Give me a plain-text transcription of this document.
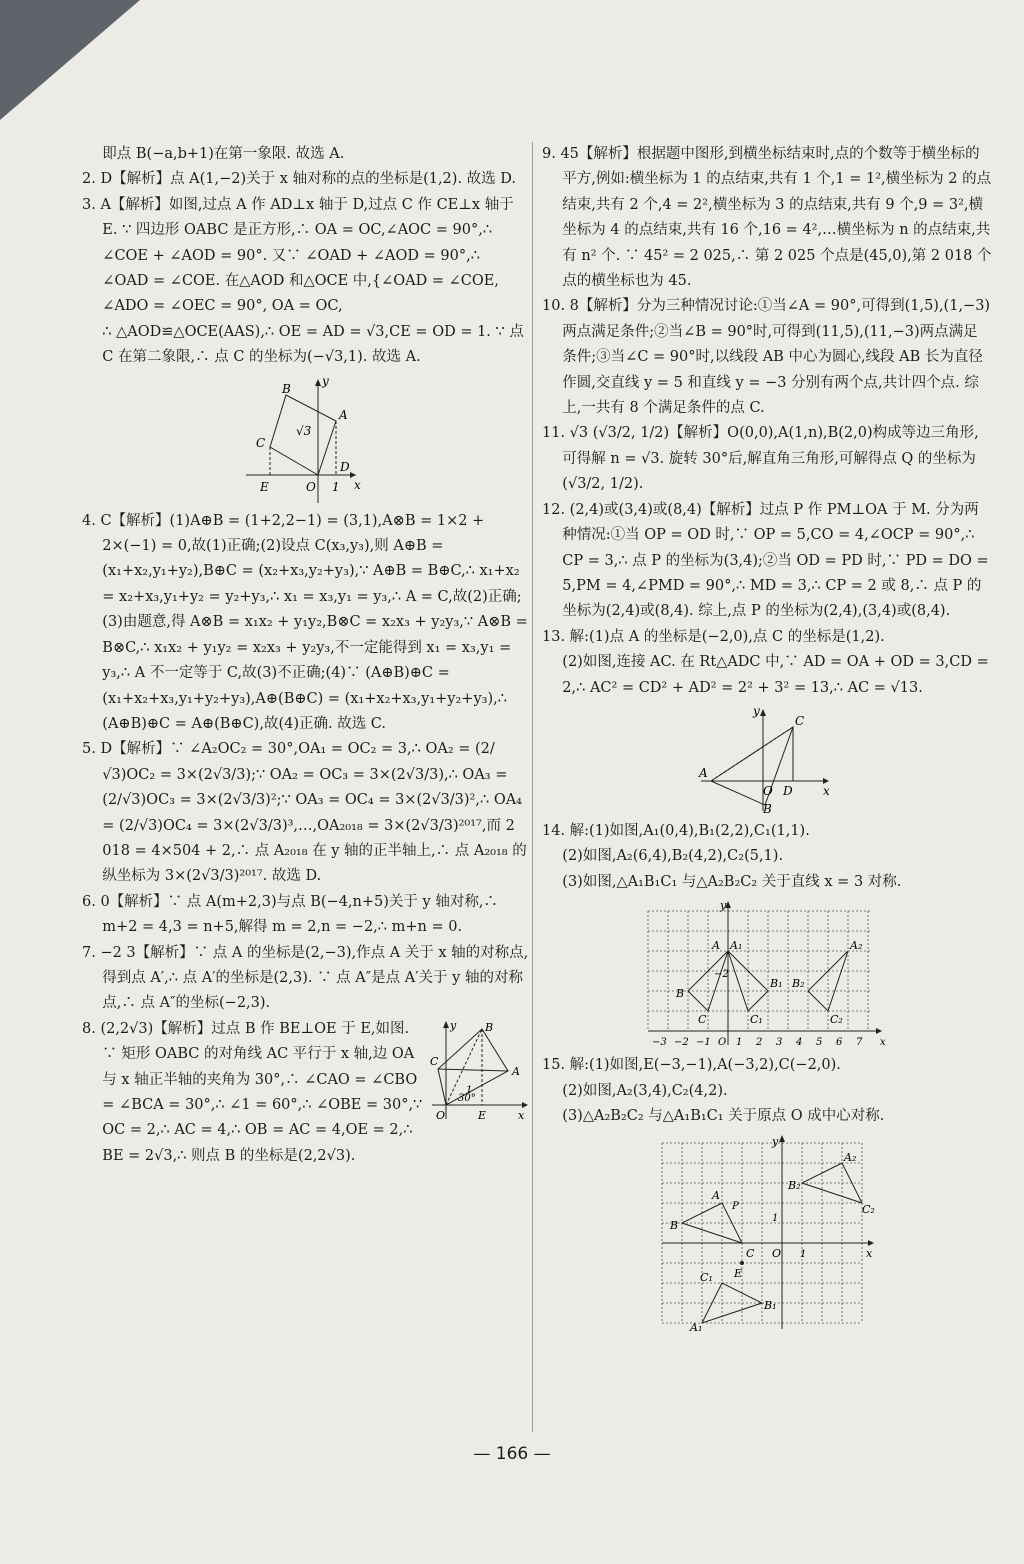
即点 B(−a,b+1)在第一象限. 故选 A.

2. D【解析】点 A(1,−2)关于 x 轴对称的点的坐标是(1,2). 故选 D.

3. A【解析】如图,过点 A 作 AD⊥x 轴于 D,过点 C 作 CE⊥x 轴于 E. ∵ 四边形 OABC 是正方形,∴ OA = OC,∠AOC = 90°,∴ ∠COE + ∠AOD = 90°. 又∵ ∠OAD + ∠AOD = 90°,∴ ∠OAD = ∠COE. 在△AOD 和△OCE 中,{∠OAD = ∠COE, ∠ADO = ∠OEC = 90°, OA = OC,

∴ △AOD≌△OCE(AAS),∴ OE = AD = √3,CE = OD = 1. ∵ 点 C 在第二象限,∴ 点 C 的坐标为(−√3,1). 故选 A.

B
y
√3
A
C
E	O 1
D
x

4. C【解析】(1)A⊕B = (1+2,2−1) = (3,1),A⊗B = 1×2 + 2×(−1) = 0,故(1)正确;(2)设点 C(x₃,y₃),则 A⊕B = (x₁+x₂,y₁+y₂),B⊕C = (x₂+x₃,y₂+y₃),∵ A⊕B = B⊕C,∴ x₁+x₂ = x₂+x₃,y₁+y₂ = y₂+y₃,∴ x₁ = x₃,y₁ = y₃,∴ A = C,故(2)正确;(3)由题意,得 A⊗B = x₁x₂ + y₁y₂,B⊗C = x₂x₃ + y₂y₃,∵ A⊗B = B⊗C,∴ x₁x₂ + y₁y₂ = x₂x₃ + y₂y₃,不一定能得到 x₁ = x₃,y₁ = y₃,∴ A 不一定等于 C,故(3)不正确;(4)∵ (A⊕B)⊕C = (x₁+x₂+x₃,y₁+y₂+y₃),A⊕(B⊕C) = (x₁+x₂+x₃,y₁+y₂+y₃),∴ (A⊕B)⊕C = A⊕(B⊕C),故(4)正确. 故选 C.

5. D【解析】∵ ∠A₂OC₂ = 30°,OA₁ = OC₂ = 3,∴ OA₂ = (2/√3)OC₂ = 3×(2√3/3);∵ OA₂ = OC₃ = 3×(2√3/3),∴ OA₃ = (2/√3)OC₃ = 3×(2√3/3)²;∵ OA₃ = OC₄ = 3×(2√3/3)²,∴ OA₄ = (2/√3)OC₄ = 3×(2√3/3)³,…,OA₂₀₁₈ = 3×(2√3/3)²⁰¹⁷,而 2 018 = 4×504 + 2,∴ 点 A₂₀₁₈ 在 y 轴的正半轴上,∴ 点 A₂₀₁₈ 的纵坐标为 3×(2√3/3)²⁰¹⁷. 故选 D.

6. 0【解析】∵ 点 A(m+2,3)与点 B(−4,n+5)关于 y 轴对称,∴ m+2 = 4,3 = n+5,解得 m = 2,n = −2,∴ m+n = 0.

7. −2 3【解析】∵ 点 A 的坐标是(2,−3),作点 A 关于 x 轴的对称点,得到点 A′,∴ 点 A′的坐标是(2,3). ∵ 点 A″是点 A′关于 y 轴的对称点,∴ 点 A″的坐标(−2,3).

y	B
C
A
O
30°
E	x
1

8. (2,2√3)【解析】过点 B 作 BE⊥OE 于 E,如图. ∵ 矩形 OABC 的对角线 AC 平行于 x 轴,边 OA 与 x 轴正半轴的夹角为 30°,∴ ∠CAO = ∠CBO = ∠BCA = 30°,∴ ∠1 = 60°,∴ ∠OBE = 30°,∵ OC = 2,∴ AC = 4,∴ OB = AC = 4,OE = 2,∴ BE = 2√3,∴ 则点 B 的坐标是(2,2√3).

9. 45【解析】根据题中图形,到横坐标结束时,点的个数等于横坐标的平方,例如:横坐标为 1 的点结束,共有 1 个,1 = 1²,横坐标为 2 的点结束,共有 2 个,4 = 2²,横坐标为 3 的点结束,共有 9 个,9 = 3²,横坐标为 4 的点结束,共有 16 个,16 = 4²,…横坐标为 n 的点结束,共有 n² 个. ∵ 45² = 2 025,∴ 第 2 025 个点是(45,0),第 2 018 个点的横坐标也为 45.

10. 8【解析】分为三种情况讨论:①当∠A = 90°,可得到(1,5),(1,−3)两点满足条件;②当∠B = 90°时,可得到(11,5),(11,−3)两点满足条件;③当∠C = 90°时,以线段 AB 中心为圆心,线段 AB 长为直径作圆,交直线 y = 5 和直线 y = −3 分别有两个点,共计四个点. 综上,一共有 8 个满足条件的点 C.

11. √3 (√3/2, 1/2)【解析】O(0,0),A(1,n),B(2,0)构成等边三角形,可得解 n = √3. 旋转 30°后,解直角三角形,可解得点 Q 的坐标为(√3/2, 1/2).

12. (2,4)或(3,4)或(8,4)【解析】过点 P 作 PM⊥OA 于 M. 分为两种情况:①当 OP = OD 时,∵ OP = 5,CO = 4,∠OCP = 90°,∴ CP = 3,∴ 点 P 的坐标为(3,4);②当 OD = PD 时,∵ PD = DO = 5,PM = 4,∠PMD = 90°,∴ MD = 3,∴ CP = 2 或 8,∴ 点 P 的坐标为(2,4)或(8,4). 综上,点 P 的坐标为(2,4),(3,4)或(8,4).

13. 解:(1)点 A 的坐标是(−2,0),点 C 的坐标是(1,2).

(2)如图,连接 AC. 在 Rt△ADC 中,∵ AD = OA + OD = 3,CD = 2,∴ AC² = CD² + AD² = 2² + 3² = 13,∴ AC = √13.

y
C
A
O D	x
B

14. 解:(1)如图,A₁(0,4),B₁(2,2),C₁(1,1).

(2)如图,A₂(6,4),B₂(4,2),C₂(5,1).

(3)如图,△A₁B₁C₁ 与△A₂B₂C₂ 关于直线 x = 3 对称.

y
A A₁	A₂
B
C
−2
B₁ B₂
C₁	C₂
−3 −2 −1 O 1 2 3 4 5 6 7 x

15. 解:(1)如图,E(−3,−1),A(−3,2),C(−2,0).

(2)如图,A₂(3,4),C₂(4,2).

(3)△A₂B₂C₂ 与△A₁B₁C₁ 关于原点 O 成中心对称.

y
A₂
C₂
B₂
A
P
B
1
C O 1	x
E
C₁
B₁
A₁
— 166 —
